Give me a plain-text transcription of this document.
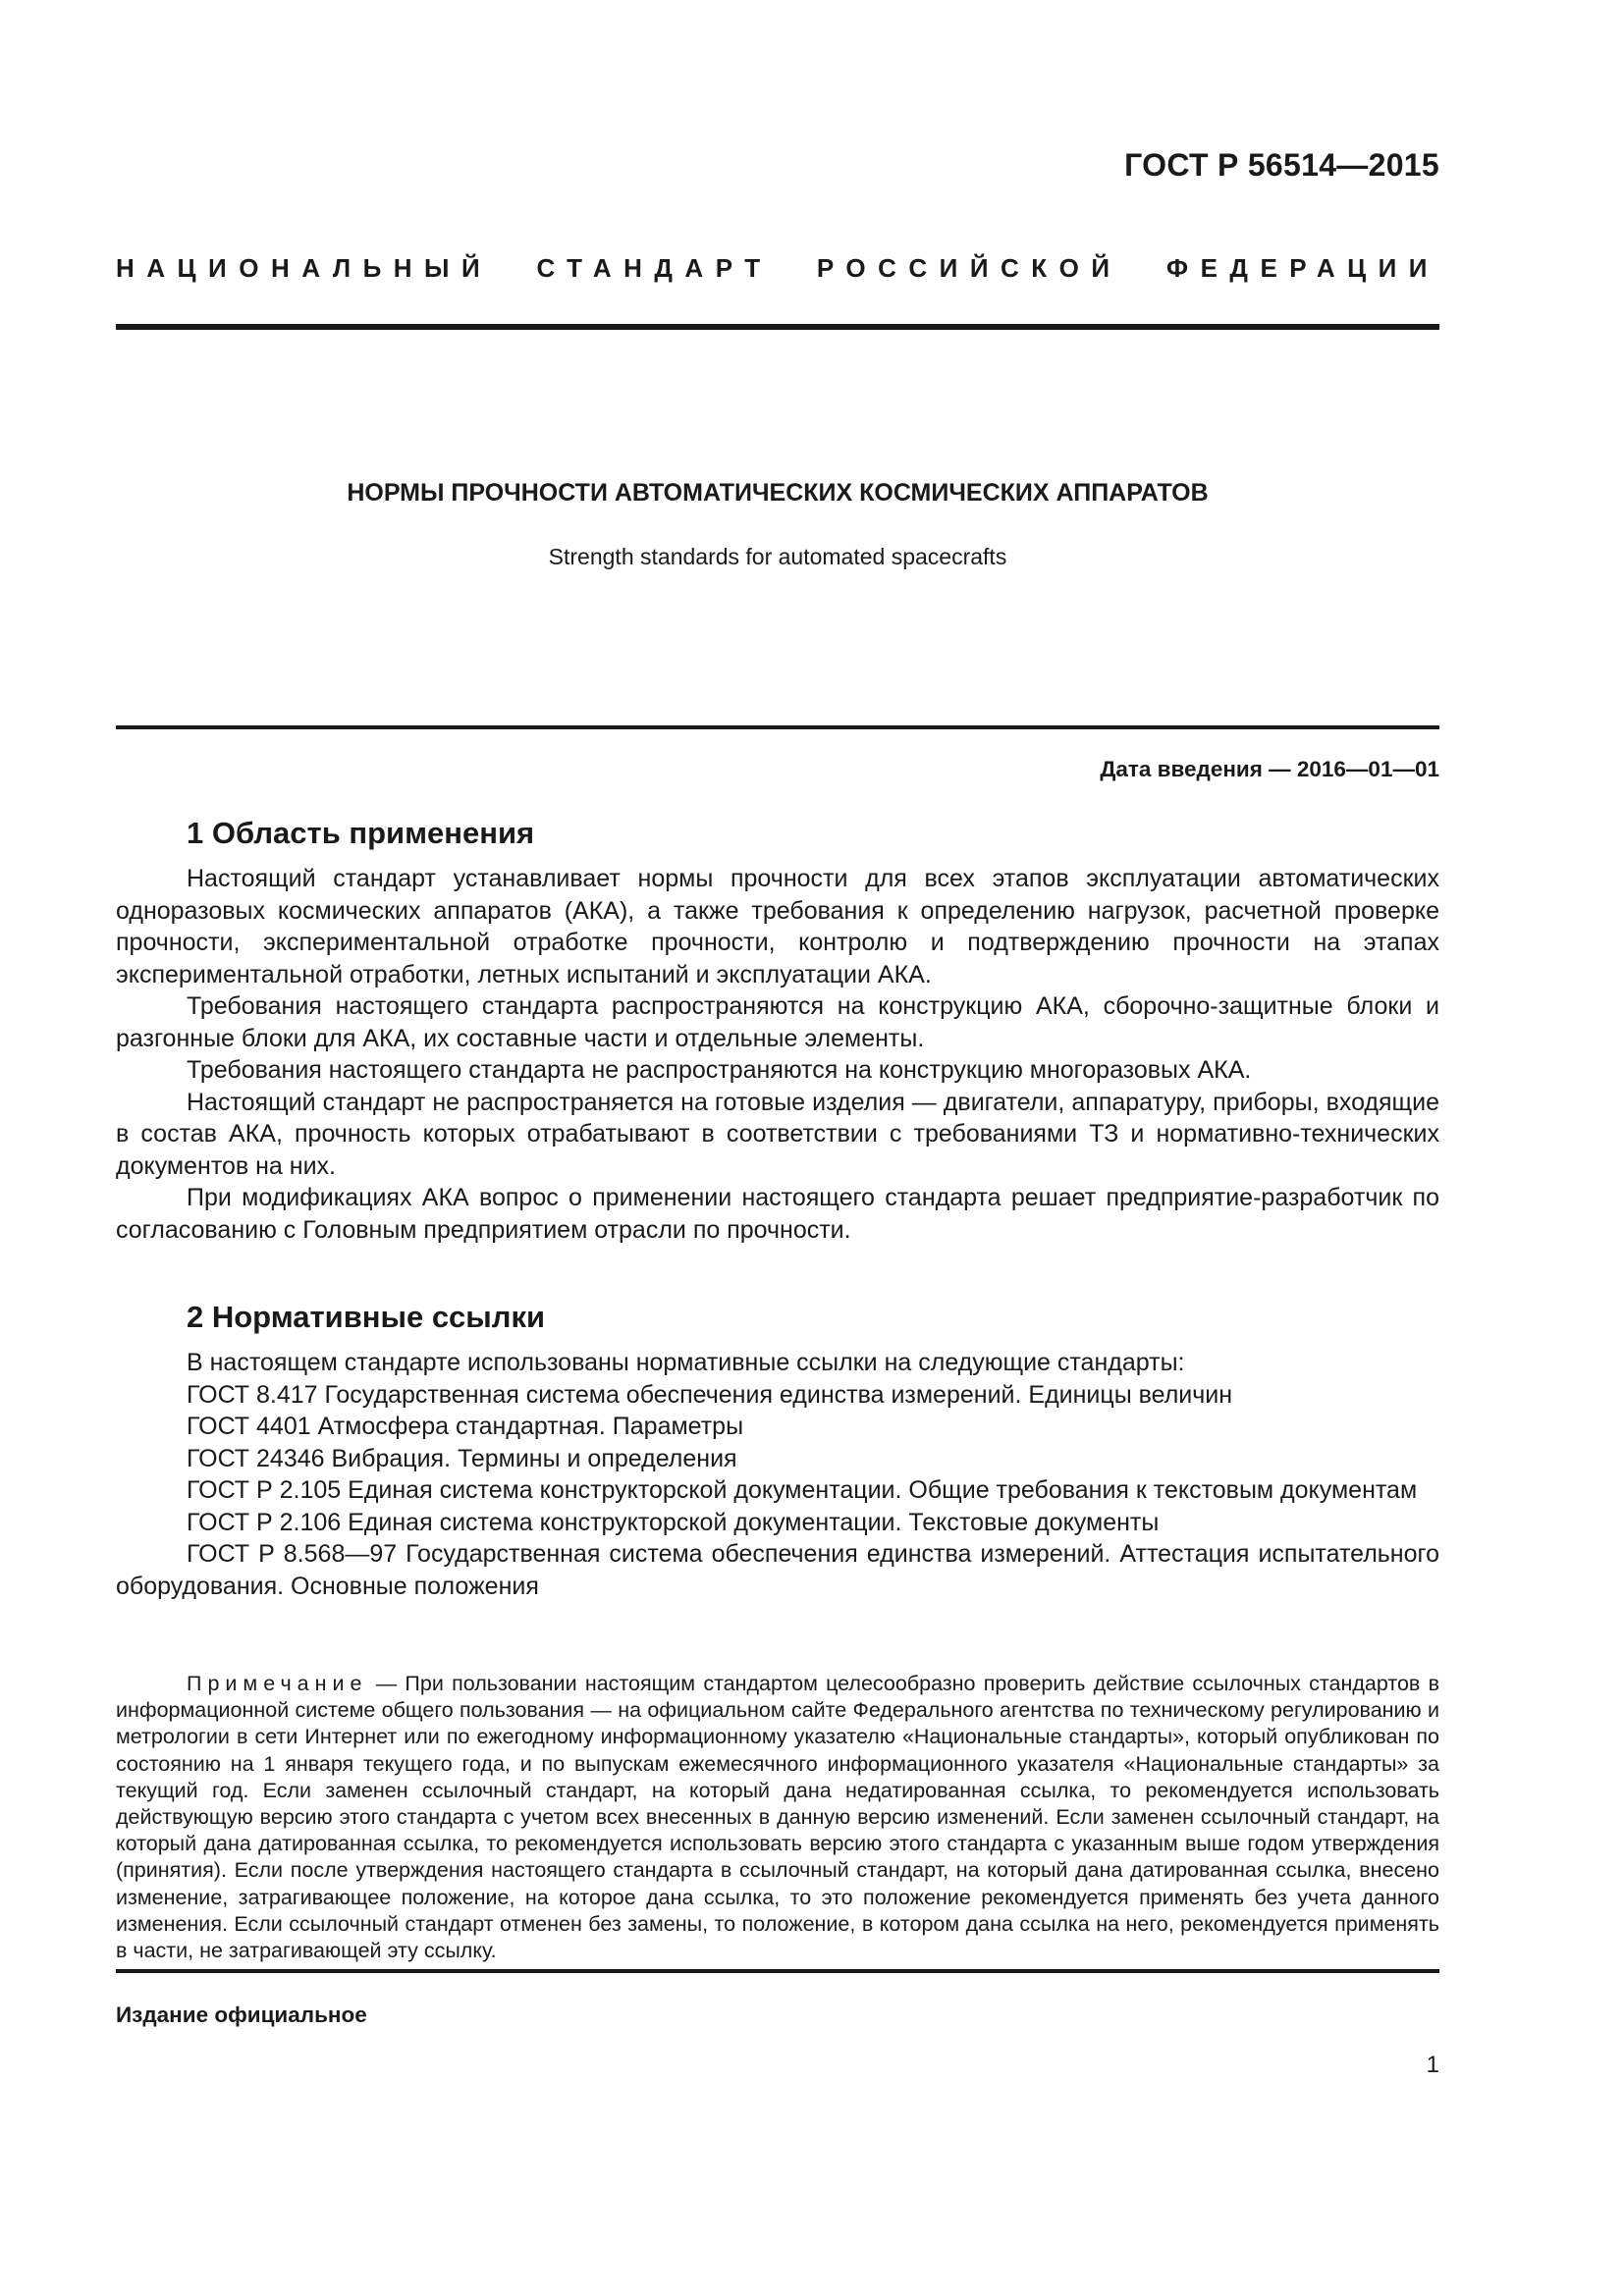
ГОСТ Р 56514—2015

НАЦИОНАЛЬНЫЙ СТАНДАРТ РОССИЙСКОЙ ФЕДЕРАЦИИ

НОРМЫ ПРОЧНОСТИ АВТОМАТИЧЕСКИХ КОСМИЧЕСКИХ АППАРАТОВ

Strength standards for automated spacecrafts

Дата введения — 2016—01—01

1 Область применения

Настоящий стандарт устанавливает нормы прочности для всех этапов эксплуатации автоматических одноразовых космических аппаратов (АКА), а также требования к определению нагрузок, расчетной проверке прочности, экспериментальной отработке прочности, контролю и подтверждению прочности на этапах экспериментальной отработки, летных испытаний и эксплуатации АКА.

Требования настоящего стандарта распространяются на конструкцию АКА, сборочно-защитные блоки и разгонные блоки для АКА, их составные части и отдельные элементы.

Требования настоящего стандарта не распространяются на конструкцию многоразовых АКА.

Настоящий стандарт не распространяется на готовые изделия — двигатели, аппаратуру, приборы, входящие в состав АКА, прочность которых отрабатывают в соответствии с требованиями ТЗ и нормативно-технических документов на них.

При модификациях АКА вопрос о применении настоящего стандарта решает предприятие-разработчик по согласованию с Головным предприятием отрасли по прочности.

2 Нормативные ссылки

В настоящем стандарте использованы нормативные ссылки на следующие стандарты:

ГОСТ 8.417 Государственная система обеспечения единства измерений. Единицы величин

ГОСТ 4401 Атмосфера стандартная. Параметры

ГОСТ 24346 Вибрация. Термины и определения

ГОСТ Р 2.105 Единая система конструкторской документации. Общие требования к текстовым документам

ГОСТ Р 2.106 Единая система конструкторской документации. Текстовые документы

ГОСТ Р 8.568—97 Государственная система обеспечения единства измерений. Аттестация испытательного оборудования. Основные положения

Примечание — При пользовании настоящим стандартом целесообразно проверить действие ссылочных стандартов в информационной системе общего пользования — на официальном сайте Федерального агентства по техническому регулированию и метрологии в сети Интернет или по ежегодному информационному указателю «Национальные стандарты», который опубликован по состоянию на 1 января текущего года, и по выпускам ежемесячного информационного указателя «Национальные стандарты» за текущий год. Если заменен ссылочный стандарт, на который дана недатированная ссылка, то рекомендуется использовать действующую версию этого стандарта с учетом всех внесенных в данную версию изменений. Если заменен ссылочный стандарт, на который дана датированная ссылка, то рекомендуется использовать версию этого стандарта с указанным выше годом утверждения (принятия). Если после утверждения настоящего стандарта в ссылочный стандарт, на который дана датированная ссылка, внесено изменение, затрагивающее положение, на которое дана ссылка, то это положение рекомендуется применять без учета данного изменения. Если ссылочный стандарт отменен без замены, то положение, в котором дана ссылка на него, рекомендуется применять в части, не затрагивающей эту ссылку.

Издание официальное

1
